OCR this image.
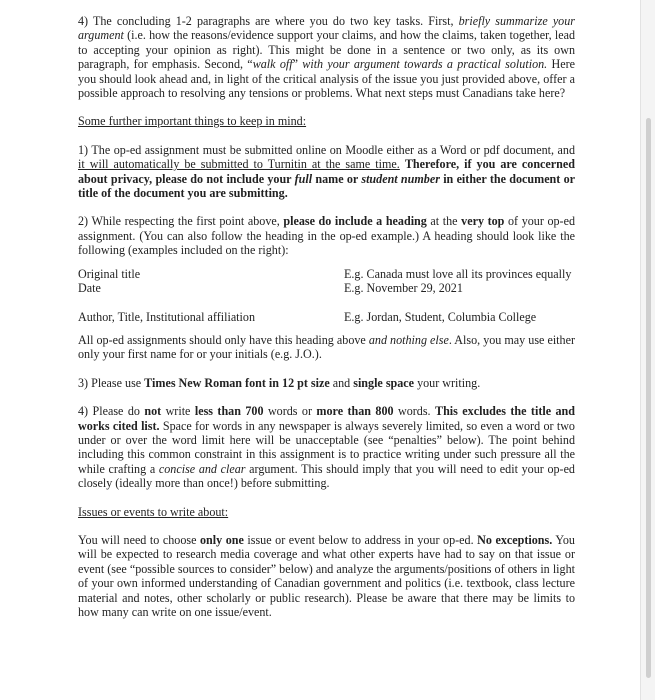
4) The concluding 1-2 paragraphs are where you do two key tasks. First, briefly summarize your argument (i.e. how the reasons/evidence support your claims, and how the claims, taken together, lead to accepting your opinion as right). This might be done in a sentence or two only, as its own paragraph, for emphasis. Second, “walk off” with your argument towards a practical solution. Here you should look ahead and, in light of the critical analysis of the issue you just provided above, offer a possible approach to resolving any tensions or problems. What next steps must Canadians take here?

Some further important things to keep in mind:

1) The op-ed assignment must be submitted online on Moodle either as a Word or pdf document, and it will automatically be submitted to Turnitin at the same time. Therefore, if you are concerned about privacy, please do not include your full name or student number in either the document or title of the document you are submitting.

2) While respecting the first point above, please do include a heading at the very top of your op-ed assignment. (You can also follow the heading in the op-ed example.) A heading should look like the following (examples included on the right):

Original title	E.g. Canada must love all its provinces equally
Date	E.g. November 29, 2021
Author, Title, Institutional affiliation	E.g. Jordan, Student, Columbia College

All op-ed assignments should only have this heading above and nothing else. Also, you may use either only your first name for or your initials (e.g. J.O.).

3) Please use Times New Roman font in 12 pt size and single space your writing.

4) Please do not write less than 700 words or more than 800 words. This excludes the title and works cited list. Space for words in any newspaper is always severely limited, so even a word or two under or over the word limit here will be unacceptable (see “penalties” below). The point behind including this common constraint in this assignment is to practice writing under such pressure all the while crafting a concise and clear argument. This should imply that you will need to edit your op-ed closely (ideally more than once!) before submitting.

Issues or events to write about:

You will need to choose only one issue or event below to address in your op-ed. No exceptions. You will be expected to research media coverage and what other experts have had to say on that issue or event (see “possible sources to consider” below) and analyze the arguments/positions of others in light of your own informed understanding of Canadian government and politics (i.e. textbook, class lecture material and notes, other scholarly or public research). Please be aware that there may be limits to how many can write on one issue/event.
